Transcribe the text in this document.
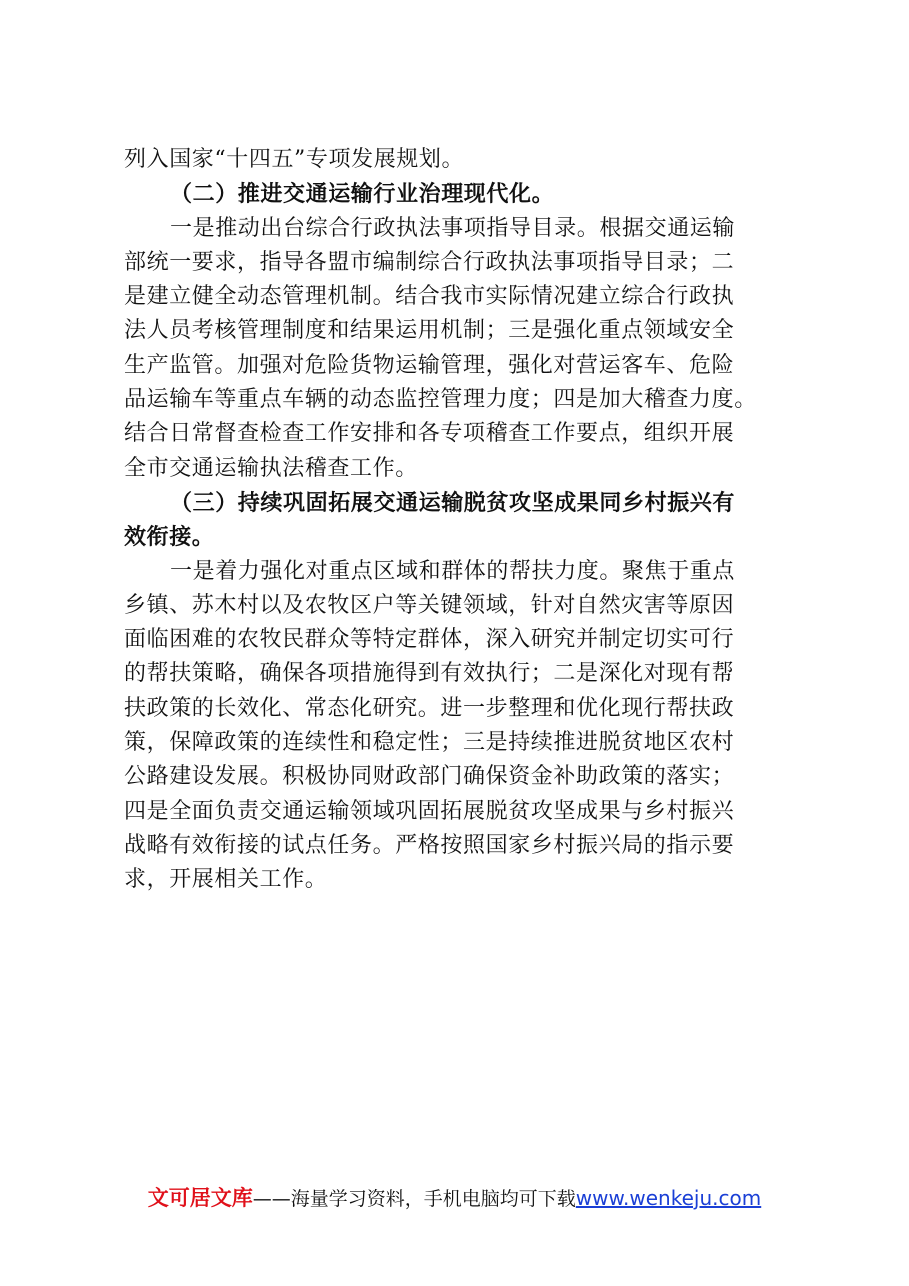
列入国家“十四五”专项发展规划。
（二）推进交通运输行业治理现代化。
一是推动出台综合行政执法事项指导目录。根据交通运输
部统一要求，指导各盟市编制综合行政执法事项指导目录；二
是建立健全动态管理机制。结合我市实际情况建立综合行政执
法人员考核管理制度和结果运用机制；三是强化重点领域安全
生产监管。加强对危险货物运输管理，强化对营运客车、危险
品运输车等重点车辆的动态监控管理力度；四是加大稽查力度。
结合日常督查检查工作安排和各专项稽查工作要点，组织开展
全市交通运输执法稽查工作。
（三）持续巩固拓展交通运输脱贫攻坚成果同乡村振兴有
效衔接。
一是着力强化对重点区域和群体的帮扶力度。聚焦于重点
乡镇、苏木村以及农牧区户等关键领域，针对自然灾害等原因
面临困难的农牧民群众等特定群体，深入研究并制定切实可行
的帮扶策略，确保各项措施得到有效执行；二是深化对现有帮
扶政策的长效化、常态化研究。进一步整理和优化现行帮扶政
策，保障政策的连续性和稳定性；三是持续推进脱贫地区农村
公路建设发展。积极协同财政部门确保资金补助政策的落实；
四是全面负责交通运输领域巩固拓展脱贫攻坚成果与乡村振兴
战略有效衔接的试点任务。严格按照国家乡村振兴局的指示要
求，开展相关工作。
文可居文库——海量学习资料，手机电脑均可下载www.wenkeju.com
